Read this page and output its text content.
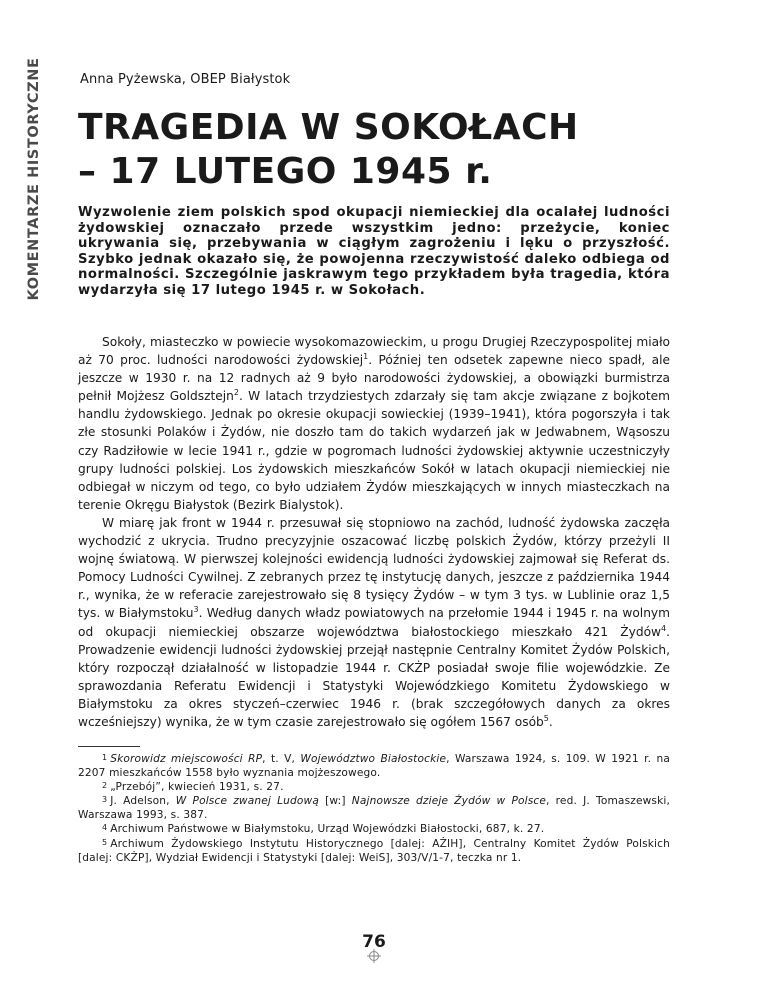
KOMENTARZE HISTORYCZNE	Anna Pyżewska, OBEP Białystok
TRAGEDIA W SOKOŁACH
– 17 LUTEGO 1945 r.
Wyzwolenie ziem polskich spod okupacji niemieckiej dla ocalałej ludności żydowskiej oznaczało przede wszystkim jedno: przeżycie, koniec ukrywania się, przebywania w ciągłym zagrożeniu i lęku o przyszłość. Szybko jednak okazało się, że powojenna rzeczywistość daleko odbiega od normalności. Szczególnie jaskrawym tego przykładem była tragedia, która wydarzyła się 17 lutego 1945 r. w Sokołach.

Sokoły, miasteczko w powiecie wysokomazowieckim, u progu Drugiej Rzeczypospolitej miało aż 70 proc. ludności narodowości żydowskiej$^1$. Później ten odsetek zapewne nieco spadł, ale jeszcze w 1930 r. na 12 radnych aż 9 było narodowości żydowskiej, a obowiązki burmistrza pełnił Mojżesz Goldsztejn$^2$. W latach trzydziestych zdarzały się tam akcje związane z bojkotem handlu żydowskiego. Jednak po okresie okupacji sowieckiej (1939–1941), która pogorszyła i tak złe stosunki Polaków i Żydów, nie doszło tam do takich wydarzeń jak w Jedwabnem, Wąsoszu czy Radziłowie w lecie 1941 r., gdzie w pogromach ludności żydowskiej aktywnie uczestniczyły grupy ludności polskiej. Los żydowskich mieszkańców Sokół w latach okupacji niemieckiej nie odbiegał w niczym od tego, co było udziałem Żydów mieszkających w innych miasteczkach na terenie Okręgu Białystok (Bezirk Bialystok).

W miarę jak front w 1944 r. przesuwał się stopniowo na zachód, ludność żydowska zaczęła wychodzić z ukrycia. Trudno precyzyjnie oszacować liczbę polskich Żydów, którzy przeżyli II wojnę światową. W pierwszej kolejności ewidencją ludności żydowskiej zajmował się Referat ds. Pomocy Ludności Cywilnej. Z zebranych przez tę instytucję danych, jeszcze z października 1944 r., wynika, że w referacie zarejestrowało się 8 tysięcy Żydów – w tym 3 tys. w Lublinie oraz 1,5 tys. w Białymstoku$^3$. Według danych władz powiatowych na przełomie 1944 i 1945 r. na wolnym od okupacji niemieckiej obszarze województwa białostockiego mieszkało 421 Żydów$^4$. Prowadzenie ewidencji ludności żydowskiej przejął następnie Centralny Komitet Żydów Polskich, który rozpoczął działalność w listopadzie 1944 r. CKŻP posiadał swoje filie wojewódzkie. Ze sprawozdania Referatu Ewidencji i Statystyki Wojewódzkiego Komitetu Żydowskiego w Białymstoku za okres styczeń–czerwiec 1946 r. (brak szczegółowych danych za okres wcześniejszy) wynika, że w tym czasie zarejestrowało się ogółem 1567 osób$^5$.

$^1$ Skorowidz miejscowości RP, t. V, Województwo Białostockie, Warszawa 1924, s. 109. W 1921 r. na 2207 mieszkańców 1558 było wyznania mojżeszowego.

$^2$ „Przebój”, kwiecień 1931, s. 27.

$^3$ J. Adelson, W Polsce zwanej Ludową [w:] Najnowsze dzieje Żydów w Polsce, red. J. Tomaszewski, Warszawa 1993, s. 387.

$^4$ Archiwum Państwowe w Białymstoku, Urząd Wojewódzki Białostocki, 687, k. 27.

$^5$ Archiwum Żydowskiego Instytutu Historycznego [dalej: AŻIH], Centralny Komitet Żydów Polskich [dalej: CKŻP], Wydział Ewidencji i Statystyki [dalej: WeiS], 303/V/1-7, teczka nr 1.

76
